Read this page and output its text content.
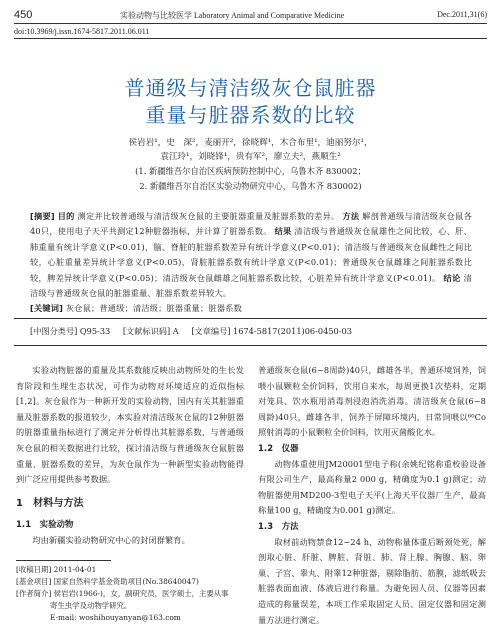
450	实验动物与比较医学 Laboratory Animal and Comparative Medicine	Dec.2011,31(6)
doi:10.3969/j.issn.1674-5817.2011.06.011
普通级与清洁级灰仓鼠脏器
重量与脏器系数的比较
侯岩岩¹，史　深²，麦丽开²，徐晓辉¹，木合布里¹，迪丽努尔¹，
袁江玲¹，刘晓锋¹，贵有军²，廖立夫²，燕顺生²
(1. 新疆维吾尔自治区疾病预防控制中心，乌鲁木齐 830002；
2. 新疆维吾尔自治区实验动物研究中心，乌鲁木齐 830002)

[摘要] 目的 测定并比较普通级与清洁级灰仓鼠的主要脏器重量及脏器系数的差异。 方法 解剖普通级与清洁级灰仓鼠各40只，使用电子天平共测定12种脏器指标，并计算了脏器系数。 结果 清洁级与普通级灰仓鼠雄性之间比较，心、肝、肺重量有统计学意义(P<0.01)，脑、脊脏的脏器系数差异有统计学意义(P<0.01)；清洁级与普通级灰仓鼠雌性之间比较，心脏重量差异统计学意义(P<0.05)，肾脏脏器系数有统计学意义(P<0.01)；普通级灰仓鼠雌雄之间脏器系数比较，脾差异统计学意义(P<0.05)；清洁级灰仓鼠雌雄之间脏器系数比较，心脏差异有统计学意义(P<0.01)。 结论 清洁级与普通级灰仓鼠的脏器重量、脏器系数差异较大。

[关键词] 灰仓鼠；普通级；清洁级；脏器重量；脏器系数

[中图分类号] Q95-33 [文献标识码] A [文章编号] 1674-5817(2011)06-0450-03

实验动物脏器的重量及其系数能反映出动物所处的生长发育阶段和生理生态状况，可作为动物对环境适应的近似指标[1,2]。灰仓鼠作为一种新开发的实验动物，国内有关其脏器重量及脏器系数的报道较少，本实验对清洁级灰仓鼠的12种脏器的脏器重量指标进行了测定并分析得出其脏器系数，与普通级灰仓鼠的相关数据进行比较，探讨清洁级与普通级灰仓鼠脏器重量、脏器系数的差异，为灰仓鼠作为一种新型实验动物能得到广泛应用提供参考数据。

1　材料与方法
1.1　实验动物

均由新疆实验动物研究中心的封闭群繁育。

[收稿日期] 2011-04-01
[基金项目] 国家自然科学基金资助项目(No.38640047)
[作者简介] 侯岩岩(1966-)，女，副研究员，医学硕士，主要从事
寄生虫学及动物学研究。
E-mail: woshihouyanyan@163.com

普通级灰仓鼠(6~8周龄)40只，雌雄各半，普通环境饲养，饲喂小鼠颗粒全价饲料，饮用自来水，每周更换1次垫料，定期对笼具、饮水瓶用消毒剂浸泡消洗消毒。清洁级灰仓鼠(6~8周龄)40只，雌雄各半，饲养于屏障环境内，日常饲喂以⁶⁰Co照射消毒的小鼠颗粒全价饲料，饮用灭菌酸化水。

1.2　仪器

动物体重使用JM20001型电子称(余姚纪铭称重校验设备有限公司生产，最高称量2 000 g，精确度为0.1 g)测定；动物脏器使用MD200-3型电子天平(上海天平仪器厂生产，最高称量100 g，精确度为0.001 g)测定。

1.3　方法

取材前动物禁食12~24 h，动物称量体重后断颈处死，解剖取心脏、肝脏、脾脏、肾脏、肺、肾上腺、胸腺、脑、卵巢、子宫、睾丸、附睾12种脏器，剔除脂肪、筋膜，滤纸吸去脏器表面血液、体液后进行称量。为避免因人员、仪器等因素造成的称量误差，本项工作采取固定人员、固定仪器和固定测量方法进行测定。
